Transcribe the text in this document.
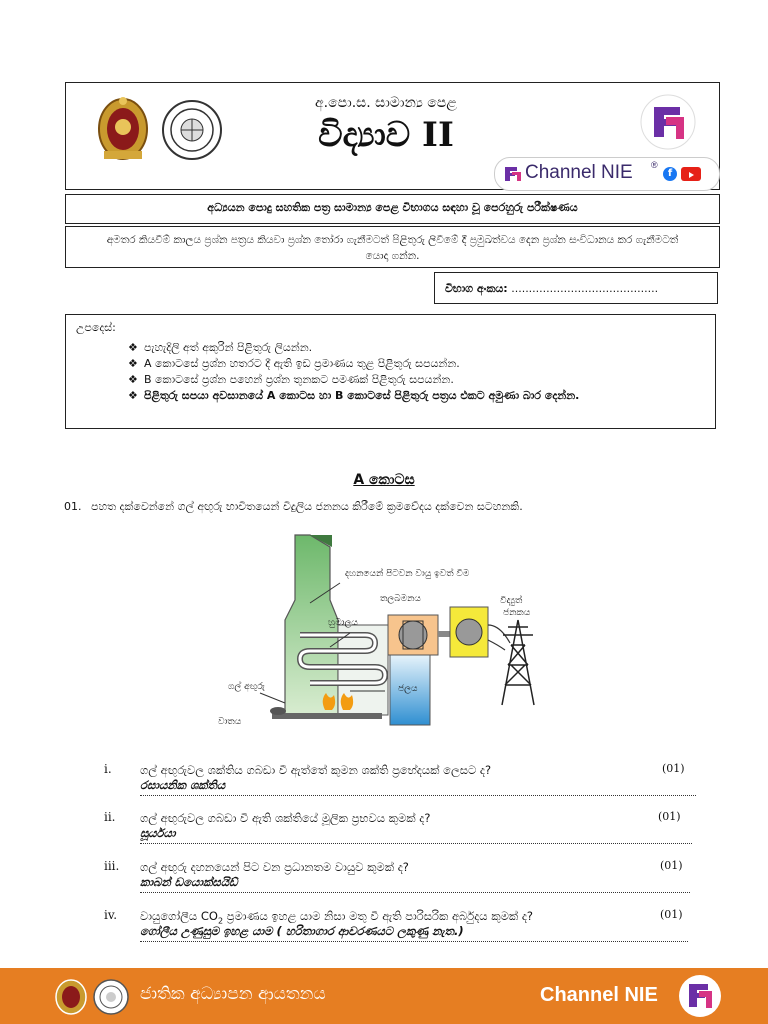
අ.පො.ස. සාමාන්‍ය පෙළ
විද්‍යාව II
Channel NIE ®
f
අධ්‍යයන පොදු සහතික පත්‍ර සාමාන්‍ය පෙළ විභාගය සඳහා වූ පෙරහුරු පරීක්ෂණය
අමතර කියවීම් කාලය ප්‍රශ්න පත්‍රය කියවා ප්‍රශ්න තෝරා ගැනීමටත් පිළිතුරු ලිවීමේ දී ප්‍රමුඛත්වය දෙන ප්‍රශ්න සංවිධානය කර ගැනීමටත් යොදා ගන්න.
විභාග අංකය: ..........................................
උපදෙස්:
❖ පැහැදිලි අත් අකුරින් පිළිතුරු ලියන්න.
❖ A කොටසේ ප්‍රශ්න හතරට දී ඇති ඉඩ ප්‍රමාණය තුළ පිළිතුරු සපයන්න.
❖ B කොටසේ ප්‍රශ්න පහෙන් ප්‍රශ්න තුනකට පමණක් පිළිතුරු සපයන්න.
❖ පිළිතුරු සපයා අවසානයේ A කොටස හා B කොටසේ පිළිතුරු පත්‍රය එකට අමුණා බාර දෙන්න.
A කොටස
01. පහත දක්වෙන්නේ ගල් අඟුරු භාවිතයෙන් විදුලිය ජනනය කිරීමේ ක්‍රමවේදය දක්වෙන සටහනකි.
දහනයෙන් පිටවන වායු ඉවත් වීම
තලබමනය	විද්‍යුත්
ජනකය
හුමාලය
ගල් අඟුරු	ජලය
වාතය
i. ගල් අඟුරුවල ශක්තිය ගබඩා වී ඇත්තේ කුමන ශක්ති ප්‍රභේදයක් ලෙසට ද?	(01)
රසායනික ශක්තිය
ii. ගල් අඟුරුවල ගබඩා වී ඇති ශක්තියේ මූලික ප්‍රභවය කුමක් ද?	(01)
සූර්යයා
iii. ගල් අඟුරු දහනයෙන් පිට වන ප්‍රධානතම වායුව කුමක් ද?	(01)
කාබන් ඩයොක්සයිඩ්
iv. වායුගෝලීය $CO_2$ ප්‍රමාණය ඉහළ යාම නිසා මතු වී ඇති පාරිසරික අර්බුදය කුමක් ද?	(01)
ගෝලීය උණුසුම ඉහළ යාම ( හරිතාගාර ආචරණයට ලකුණු නැත.)
ජාතික අධ්‍යාපන ආයතනය	Channel NIE
